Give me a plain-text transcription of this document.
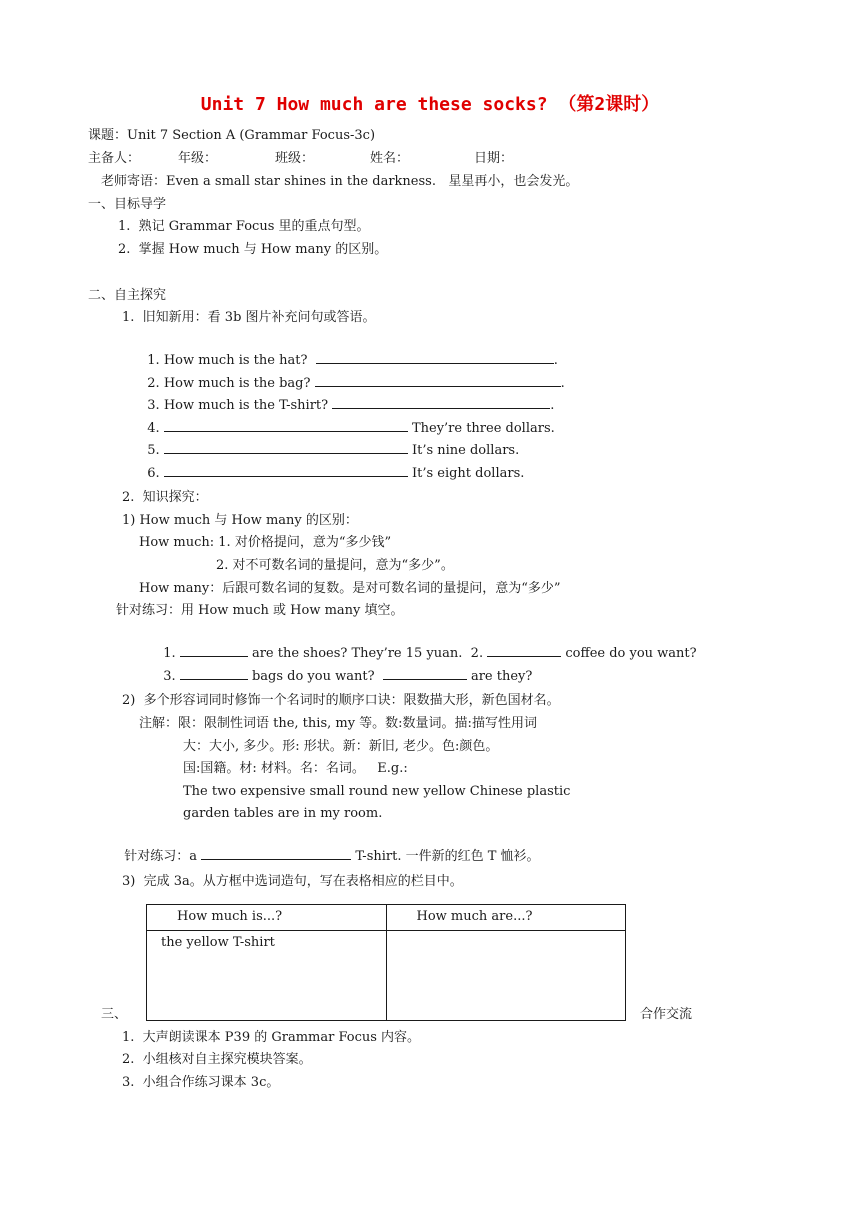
Unit 7 How much are these socks? （第2课时）
课题：Unit 7 Section A (Grammar Focus-3c)
主备人：	年级：	班级：	姓名：	日期：
老师寄语：Even a small star shines in the darkness.   星星再小，也会发光。
一、目标导学
1.  熟记 Grammar Focus 里的重点句型。
2.  掌握 How much 与 How many 的区别。
二、自主探究
1.  旧知新用：看 3b 图片补充问句或答语。

1. How much is the hat?	.

2. How much is the bag?	.

3. How much is the T-shirt?	.

4.	They’re three dollars.

5.	It’s nine dollars.

6.	It’s eight dollars.

2.  知识探究：
1) How much 与 How many 的区别：
How much: 1. 对价格提问，意为“多少钱”
2. 对不可数名词的量提问，意为“多少”。
How many：后跟可数名词的复数。是对可数名词的量提问，意为“多少”
针对练习：用 How much 或 How many 填空。

1.	are the shoes? They’re 15 yuan. 2.	coffee do you want?

3.	bags do you want?	are they?

2)  多个形容词同时修饰一个名词时的顺序口诀：限数描大形，新色国材名。
注解：限：限制性词语 the, this, my 等。数:数量词。描:描写性用词
大：大小, 多少。形: 形状。新：新旧, 老少。色:颜色。
国:国籍。材: 材料。名：名词。   E.g.:
The two expensive small round new yellow Chinese plastic
garden tables are in my room.

针对练习：a	T-shirt. 一件新的红色 T 恤衫。

3)  完成 3a。从方框中选词造句，写在表格相应的栏目中。
How much is...?	How much are...?
the yellow T-shirt	
三、	合作交流
1.  大声朗读课本 P39 的 Grammar Focus 内容。
2.  小组核对自主探究模块答案。
3.  小组合作练习课本 3c。
